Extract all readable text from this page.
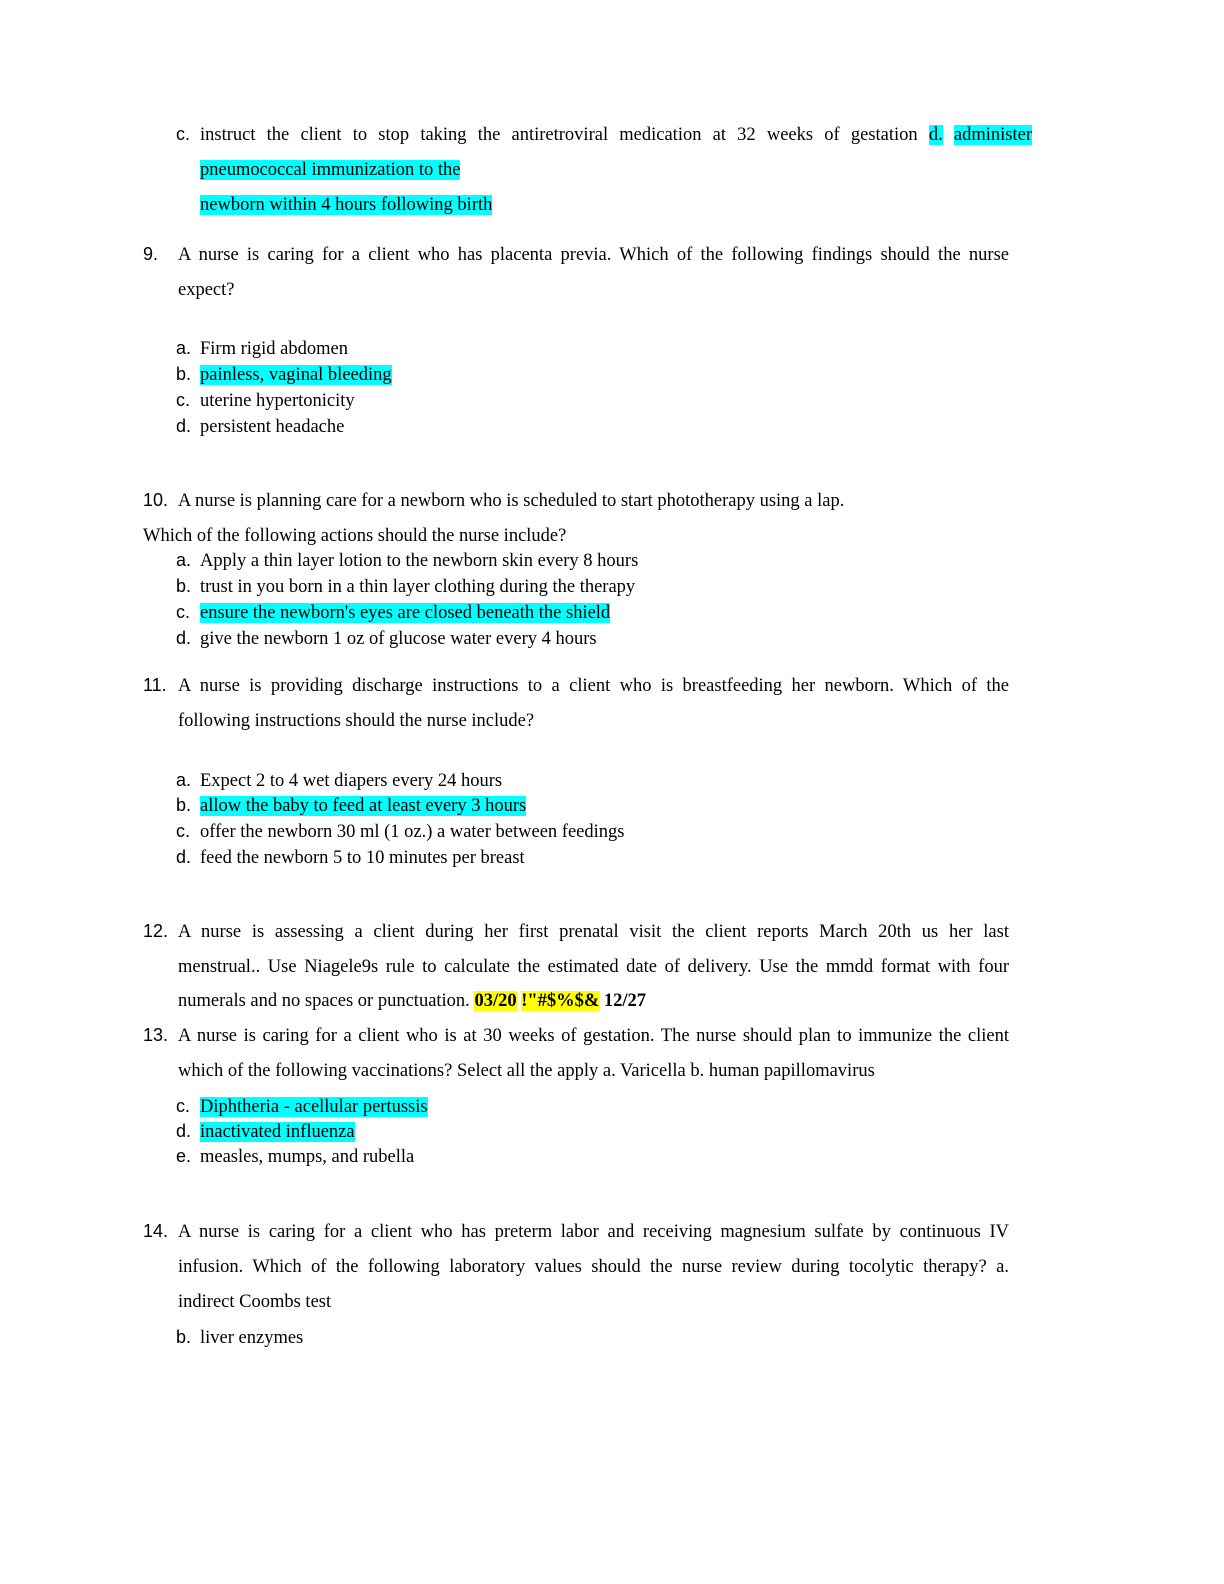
c. instruct the client to stop taking the antiretroviral medication at 32 weeks of gestation d. administer
pneumococcal immunization to the
newborn within 4 hours following birth
9. A nurse is caring for a client who has placenta previa. Which of the following findings should the nurse
expect?
a. Firm rigid abdomen
b. painless, vaginal bleeding
c. uterine hypertonicity
d. persistent headache
10. A nurse is planning care for a newborn who is scheduled to start phototherapy using a lap.
Which of the following actions should the nurse include?
a. Apply a thin layer lotion to the newborn skin every 8 hours
b. trust in you born in a thin layer clothing during the therapy
c. ensure the newborn's eyes are closed beneath the shield
d. give the newborn 1 oz of glucose water every 4 hours
11. A nurse is providing discharge instructions to a client who is breastfeeding her newborn. Which of the
following instructions should the nurse include?
a. Expect 2 to 4 wet diapers every 24 hours
b. allow the baby to feed at least every 3 hours
c. offer the newborn 30 ml (1 oz.) a water between feedings
d. feed the newborn 5 to 10 minutes per breast
12. A nurse is assessing a client during her first prenatal visit the client reports March 20th us her last
menstrual.. Use Niagele9s rule to calculate the estimated date of delivery. Use the mmdd format with four
numerals and no spaces or punctuation. 03/20 !"#$%$& 12/27
13. A nurse is caring for a client who is at 30 weeks of gestation. The nurse should plan to immunize the client
which of the following vaccinations? Select all the apply a. Varicella b. human papillomavirus
c. Diphtheria - acellular pertussis
d. inactivated influenza
e. measles, mumps, and rubella
14. A nurse is caring for a client who has preterm labor and receiving magnesium sulfate by continuous IV
infusion. Which of the following laboratory values should the nurse review during tocolytic therapy? a.
indirect Coombs test
b. liver enzymes
